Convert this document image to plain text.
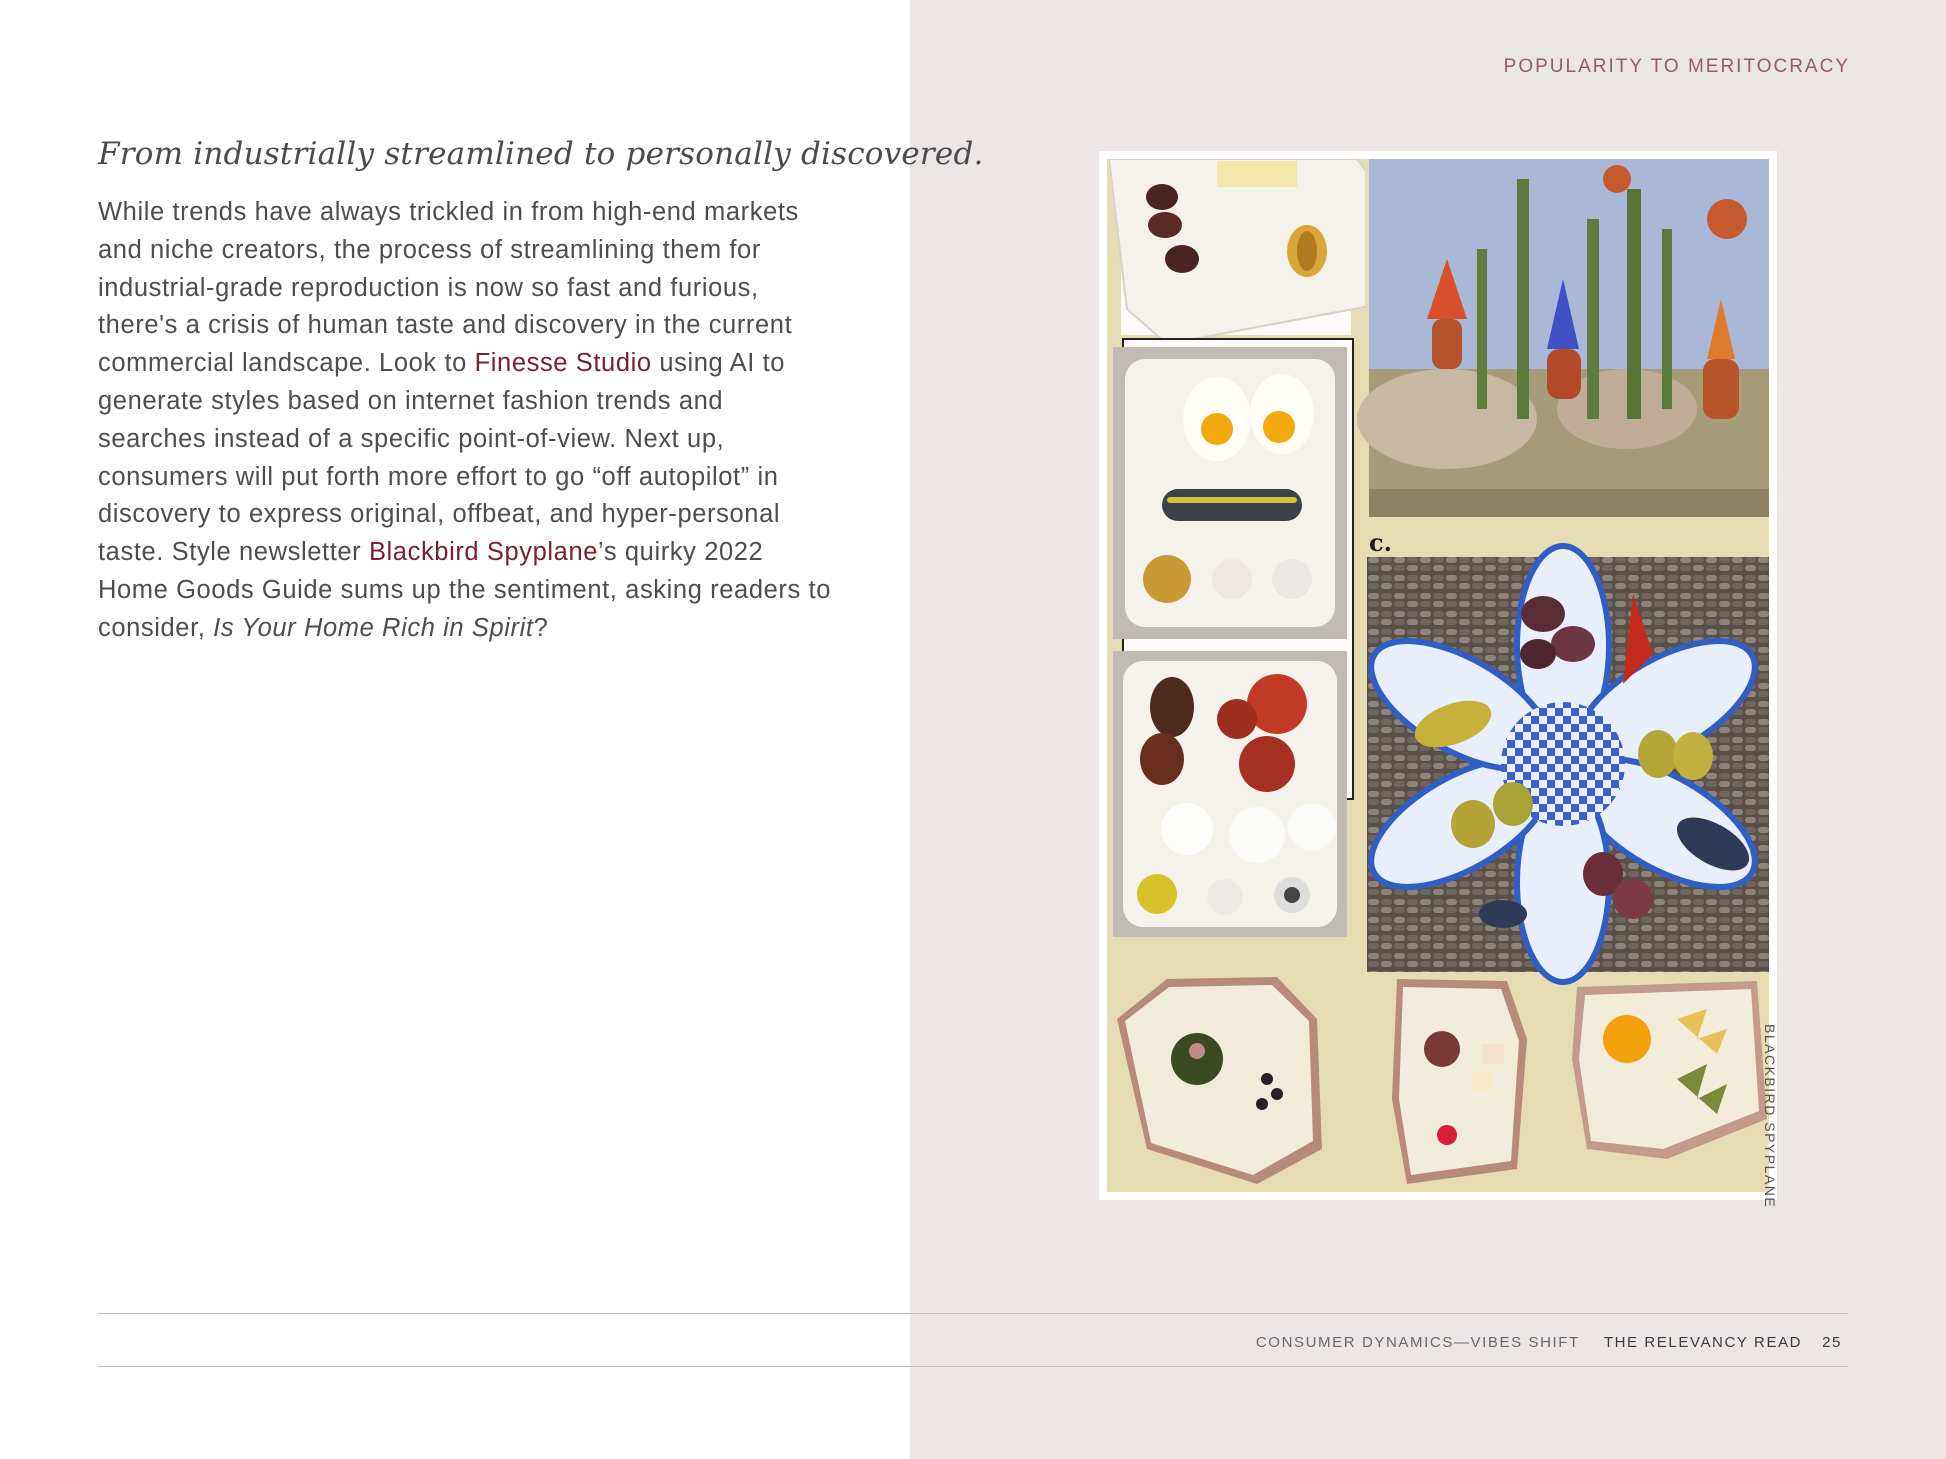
POPULARITY TO MERITOCRACY
From industrially streamlined to personally discovered.

While trends have always trickled in from high-end markets and niche creators, the process of streamlining them for industrial-grade reproduction is now so fast and furious, there's a crisis of human taste and discovery in the current commercial landscape. Look to Finesse Studio using AI to generate styles based on internet fashion trends and searches instead of a specific point-of-view. Next up, consumers will put forth more effort to go “off autopilot” in discovery to express original, offbeat, and hyper-personal taste. Style newsletter Blackbird Spyplane’s quirky 2022 Home Goods Guide sums up the sentiment, asking readers to consider, Is Your Home Rich in Spirit?

c.
BLACKBIRD SPYPLANE
CONSUMER DYNAMICS—VIBES SHIFT THE RELEVANCY READ 25
